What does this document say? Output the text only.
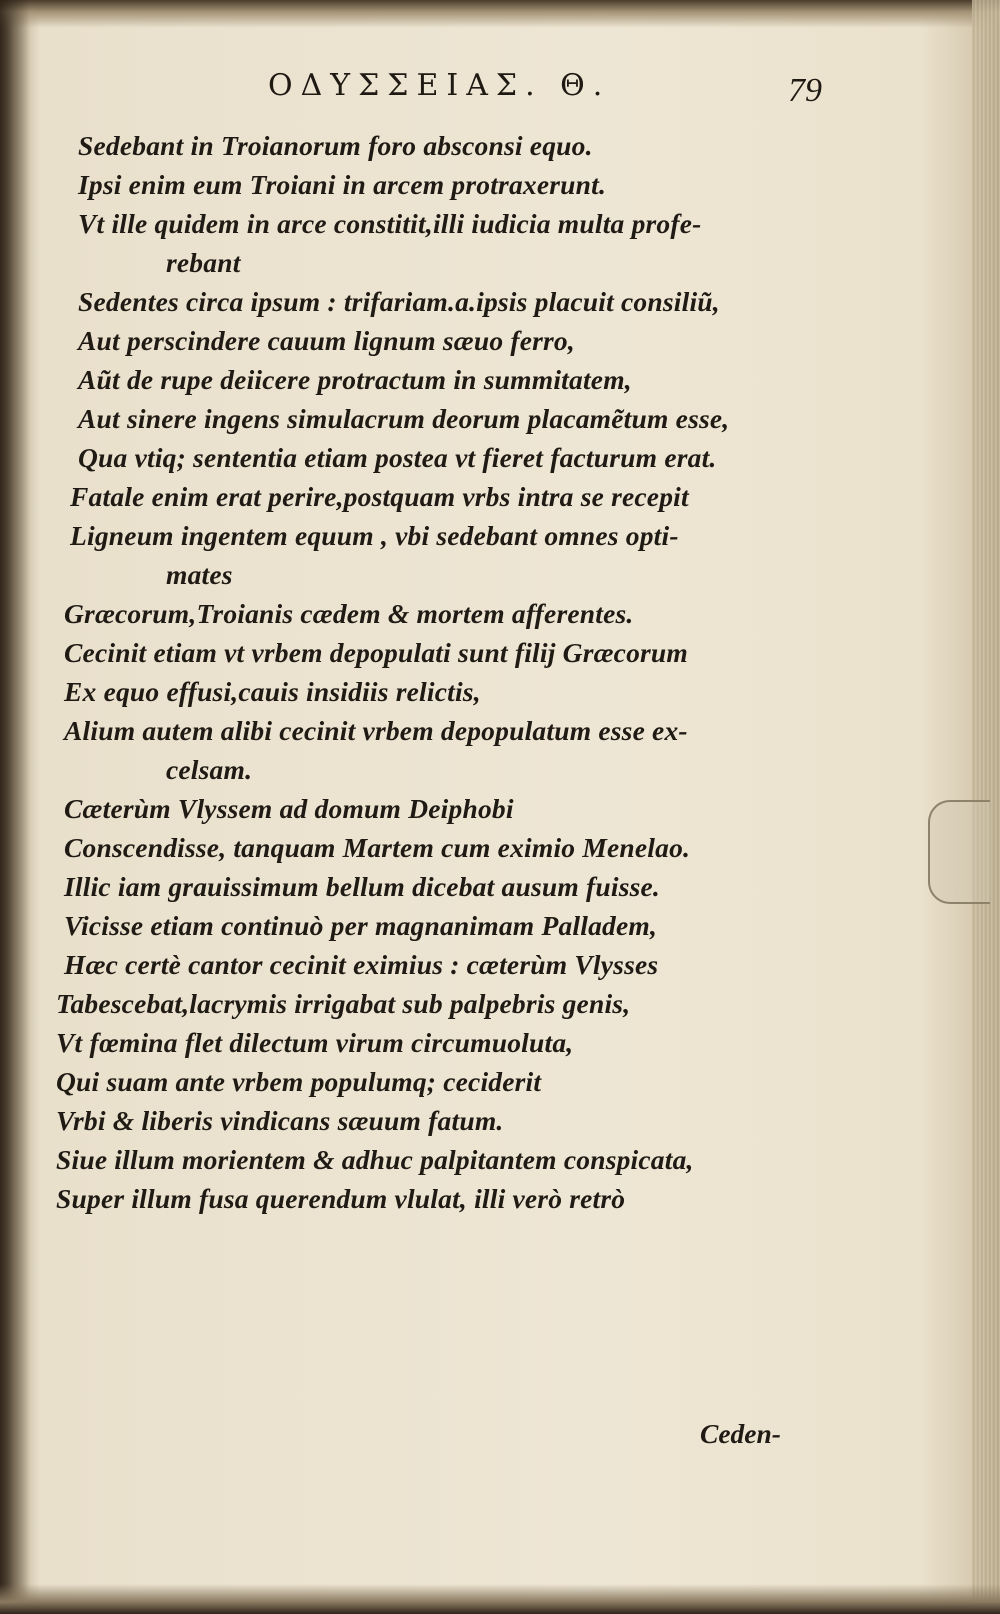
ΟΔΥΣΣΕΙΑΣ. Θ.	79
Sedebant in Troianorum foro absconsi equo.
Ipsi enim eum Troiani in arcem protraxerunt.
Vt ille quidem in arce constitit,illi iudicia multa profe-
rebant
Sedentes circa ipsum : trifariam.a.ipsis placuit consiliũ,
Aut perscindere cauum lignum sæuo ferro,
Aũt de rupe deiicere protractum in summitatem,
Aut sinere ingens simulacrum deorum placamẽtum esse,
Qua vtiq; sententia etiam postea vt fieret facturum erat.
Fatale enim erat perire,postquam vrbs intra se recepit
Ligneum ingentem equum , vbi sedebant omnes opti-
mates
Græcorum,Troianis cædem & mortem afferentes.
Cecinit etiam vt vrbem depopulati sunt filij Græcorum
Ex equo effusi,cauis insidiis relictis,
Alium autem alibi cecinit vrbem depopulatum esse ex-
celsam.
Cæterùm Vlyssem ad domum Deiphobi
Conscendisse, tanquam Martem cum eximio Menelao.
Illic iam grauissimum bellum dicebat ausum fuisse.
Vicisse etiam continuò per magnanimam Palladem,
Hæc certè cantor cecinit eximius : cæterùm Vlysses
Tabescebat,lacrymis irrigabat sub palpebris genis,
Vt fœmina flet dilectum virum circumuoluta,
Qui suam ante vrbem populumq; ceciderit
Vrbi & liberis vindicans sæuum fatum.
Siue illum morientem & adhuc palpitantem conspicata,
Super illum fusa querendum vlulat, illi verò retrò
Ceden-
